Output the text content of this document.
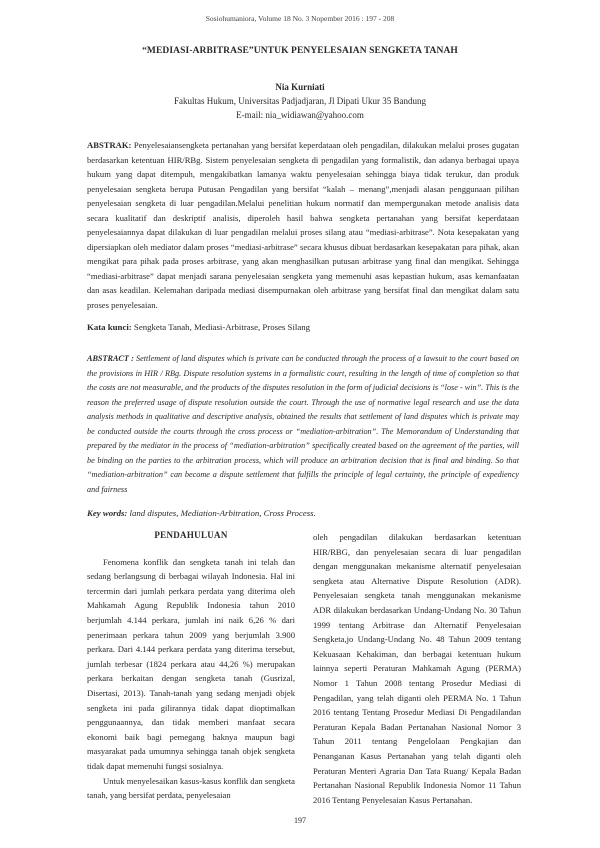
Sosiohumaniora, Volume 18 No. 3 Nopember 2016 : 197 - 208
“MEDIASI-ARBITRASE”UNTUK PENYELESAIAN SENGKETA TANAH
Nia Kurniati
Fakultas Hukum, Universitas Padjadjaran, Jl Dipati Ukur 35 Bandung
E-mail: nia_widiawan@yahoo.com
ABSTRAK: Penyelesaiansengketa pertanahan yang bersifat keperdataan oleh pengadilan, dilakukan melalui proses gugatan berdasarkan ketentuan HIR/RBg. Sistem penyelesaian sengketa di pengadilan yang formalistik, dan adanya berbagai upaya hukum yang dapat ditempuh, mengakibatkan lamanya waktu penyelesaian sehingga biaya tidak terukur, dan produk penyelesaian sengketa berupa Putusan Pengadilan yang bersifat “kalah – menang”,menjadi alasan penggunaan pilihan penyelesaian sengketa di luar pengadilan.Melalui penelitian hukum normatif dan mempergunakan metode analisis data secara kualitatif dan deskriptif analisis, diperoleh hasil bahwa sengketa pertanahan yang bersifat keperdataan penyelesaiannya dapat dilakukan di luar pengadilan melalui proses silang atau “mediasi-arbitrase”. Nota kesepakatan yang dipersiapkan oleh mediator dalam proses “mediasi-arbitrase” secara khusus dibuat berdasarkan kesepakatan para pihak, akan mengikat para pihak pada proses arbitrase, yang akan menghasilkan putusan arbitrase yang final dan mengikat. Sehingga “mediasi-arbitrase” dapat menjadi sarana penyelesaian sengketa yang memenuhi asas kepastian hukum, asas kemanfaatan dan asas keadilan. Kelemahan daripada mediasi disempurnakan oleh arbitrase yang bersifat final dan mengikat dalam satu proses penyelesaian.
Kata kunci: Sengketa Tanah, Mediasi-Arbitrase, Proses Silang
ABSTRACT : Settlement of land disputes which is private can be conducted through the process of a lawsuit to the court based on the provisions in HIR / RBg. Dispute resolution systems in a formalistic court, resulting in the length of time of completion so that the costs are not measurable, and the products of the disputes resolution in the form of judicial decisions is “lose - win”. This is the reason the preferred usage of dispute resolution outside the court. Through the use of normative legal research and use the data analysis methods in qualitative and descriptive analysis, obtained the results that settlement of land disputes which is private may be conducted outside the courts through the cross process or “mediation-arbitration”. The Memorandum of Understanding that prepared by the mediator in the process of “mediation-arbitration” specifically created based on the agreement of the parties, will be binding on the parties to the arbitration process, which will produce an arbitration decision that is final and binding. So that “mediation-arbitration” can become a dispute settlement that fulfills the principle of legal certainty, the principle of expediency and fairness
Key words: land disputes, Mediation-Arbitration, Cross Process.
PENDAHULUAN

Fenomena konflik dan sengketa tanah ini telah dan sedang berlangsung di berbagai wilayah Indonesia. Hal ini tercermin dari jumlah perkara perdata yang diterima oleh Mahkamah Agung Republik Indonesia tahun 2010 berjumlah 4.144 perkara, jumlah ini naik 6,26 % dari penerimaan perkara tahun 2009 yang berjumlah 3.900 perkara. Dari 4.144 perkara perdata yang diterima tersebut, jumlah terbesar (1824 perkara atau 44,26 %) merupakan perkara berkaitan dengan sengketa tanah (Gusrizal, Disertasi, 2013). Tanah-tanah yang sedang menjadi objek sengketa ini pada gilirannya tidak dapat dioptimalkan penggunaannya, dan tidak memberi manfaat secara ekonomi baik bagi pemegang haknya maupun bagi masyarakat pada umumnya sehingga tanah objek sengketa tidak dapat memenuhi fungsi sosialnya.

Untuk menyelesaikan kasus-kasus konflik dan sengketa tanah, yang bersifat perdata, penyelesaian

oleh pengadilan dilakukan berdasarkan ketentuan HIR/RBG, dan penyelesaian secara di luar pengadilan dengan menggunakan mekanisme alternatif penyelesaian sengketa atau Alternative Dispute Resolution (ADR). Penyelesaian sengketa tanah menggunakan mekanisme ADR dilakukan berdasarkan Undang-Undang No. 30 Tahun 1999 tentang Arbitrase dan Alternatif Penyelesaian Sengketa,jo Undang-Undang No. 48 Tahun 2009 tentang Kekuasaan Kehakiman, dan berbagai ketentuan hukum lainnya seperti Peraturan Mahkamah Agung (PERMA) Nomor 1 Tahun 2008 tentang Prosedur Mediasi di Pengadilan, yang telah diganti oleh PERMA No. 1 Tahun 2016 tentang Tentang Prosedur Mediasi Di Pengadilandan Peraturan Kepala Badan Pertanahan Nasional Nomor 3 Tahun 2011 tentang Pengelolaan Pengkajian dan Penanganan Kasus Pertanahan yang telah diganti oleh Peraturan Menteri Agraria Dan Tata Ruang/ Kepala Badan Pertanahan Nasional Republik Indonesia Nomor 11 Tahun 2016 Tentang Penyelesaian Kasus Pertanahan.

197
